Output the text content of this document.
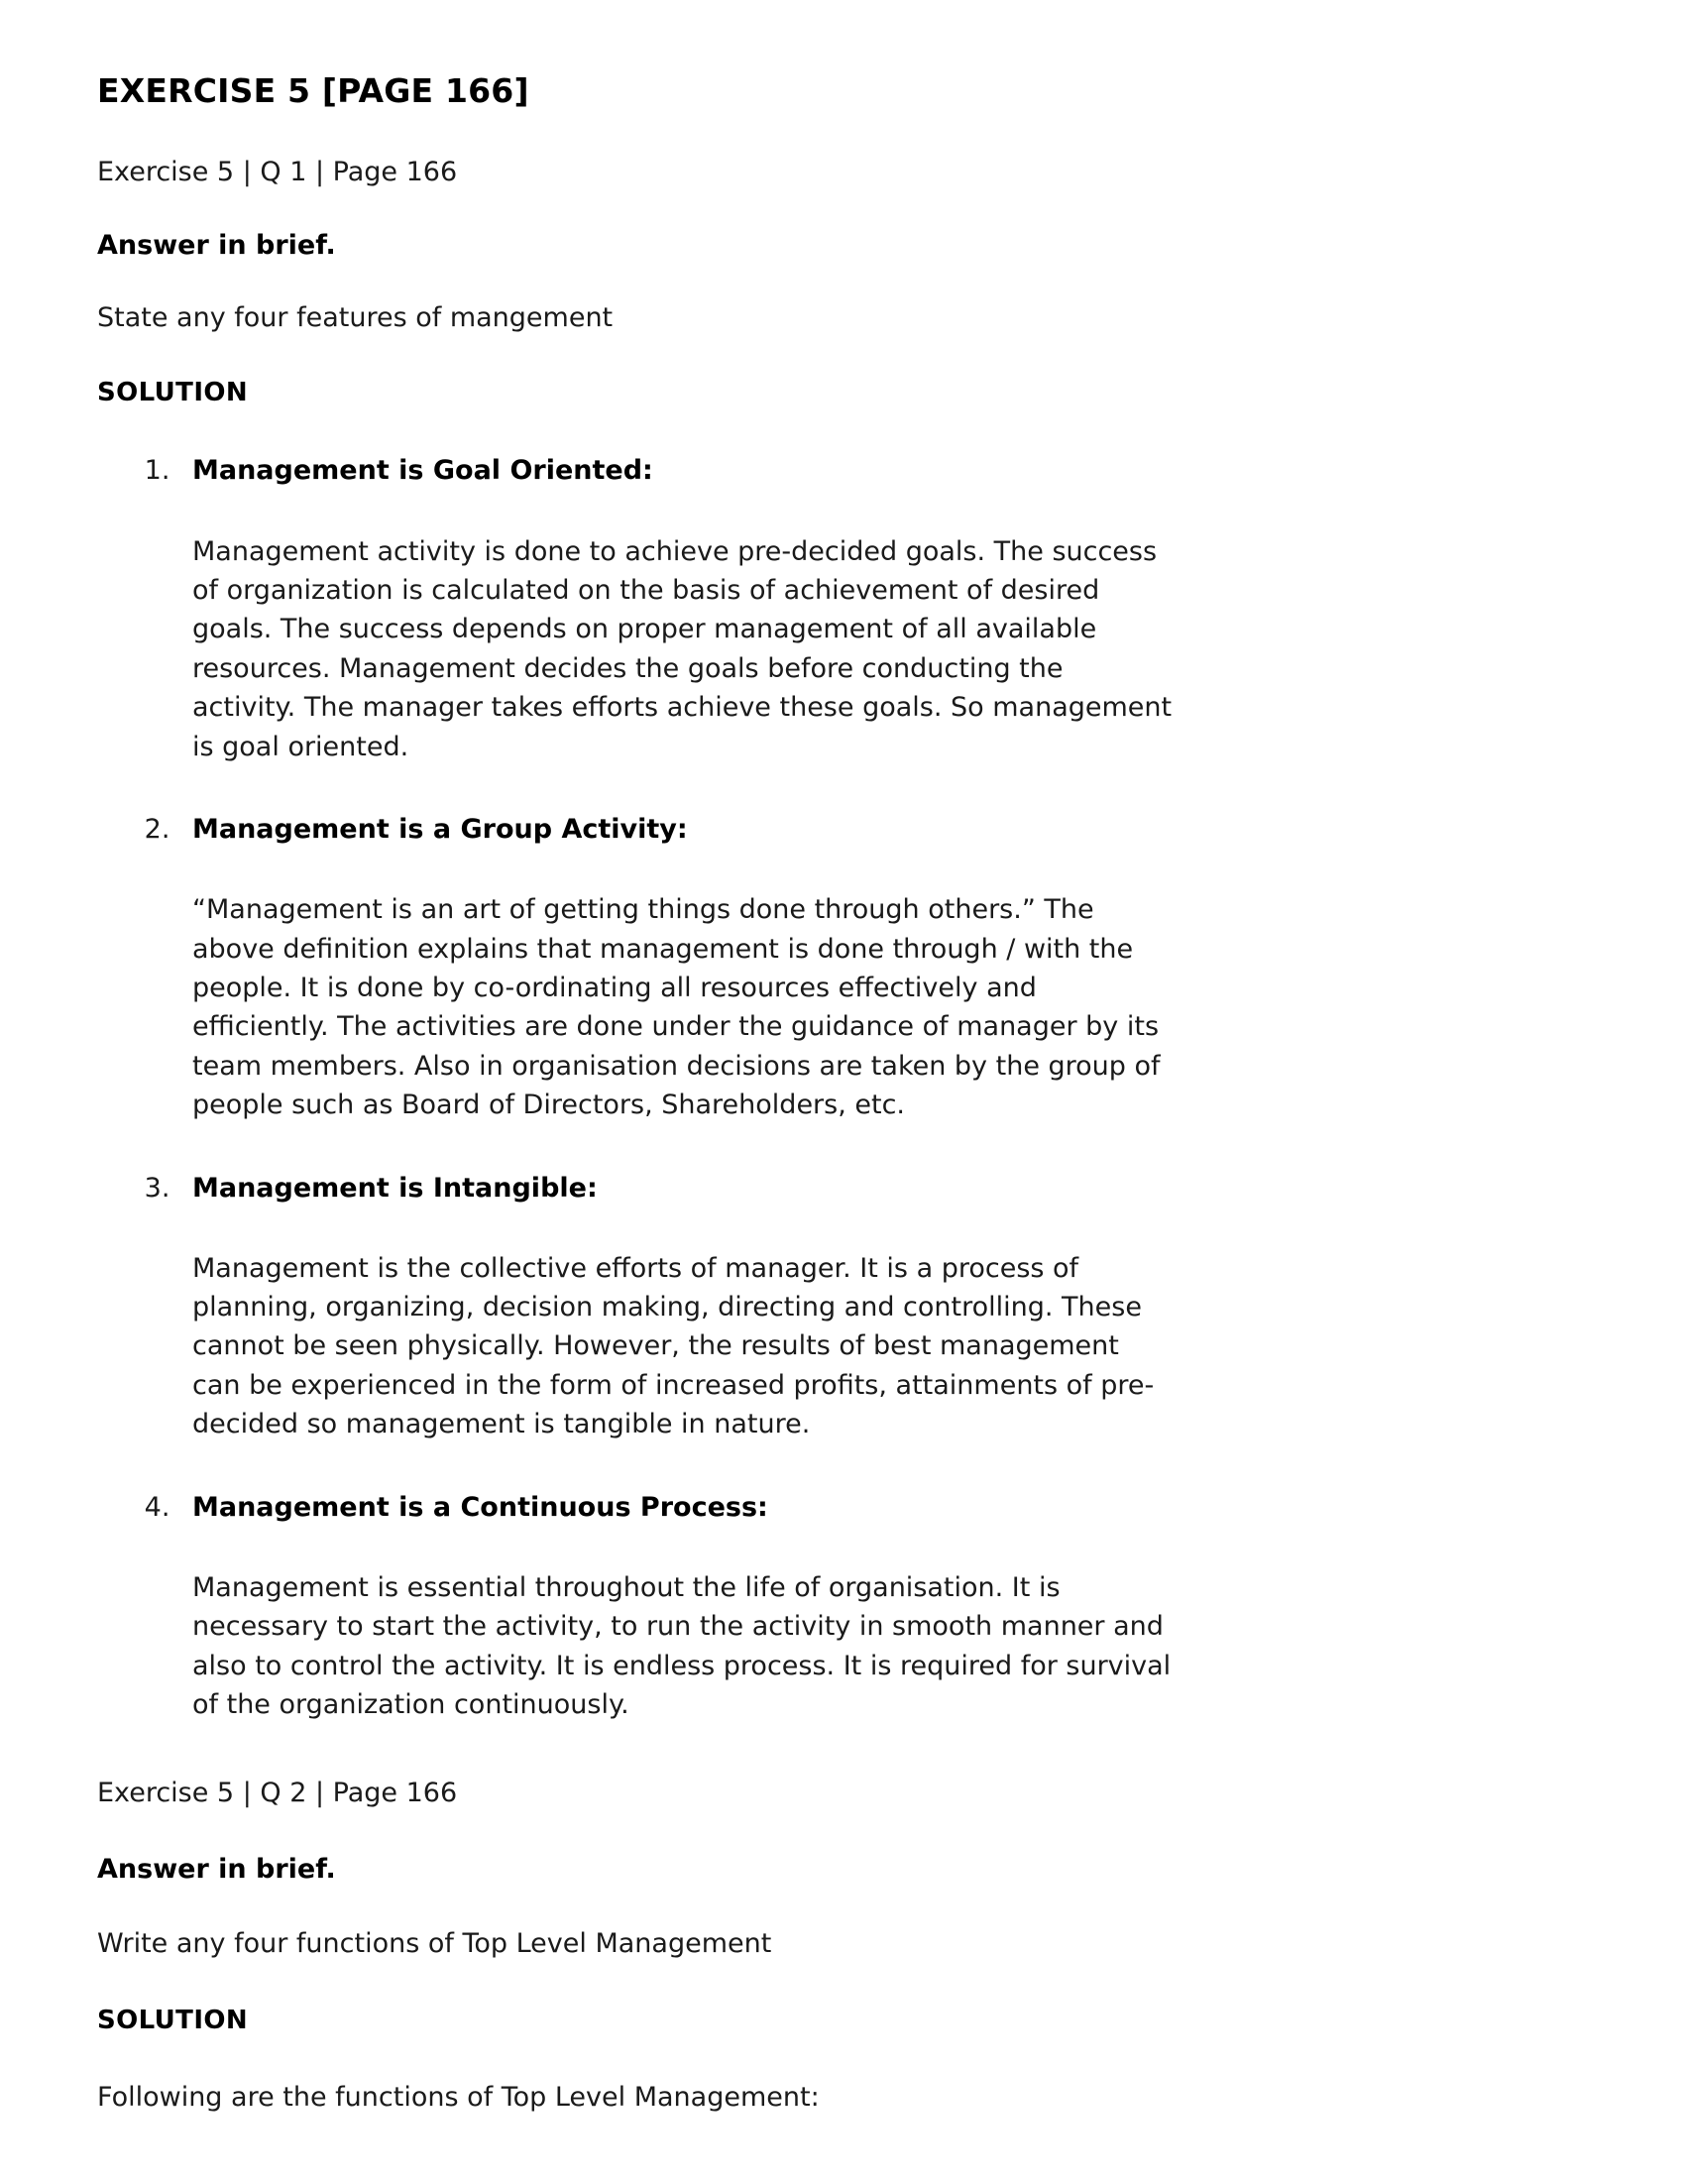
EXERCISE 5 [PAGE 166]
Exercise 5 | Q 1 | Page 166
Answer in brief.
State any four features of mangement
SOLUTION
1. Management is Goal Oriented:

Management activity is done to achieve pre-decided goals. The success of organization is calculated on the basis of achievement of desired goals. The success depends on proper management of all available resources. Management decides the goals before conducting the activity. The manager takes efforts achieve these goals. So management is goal oriented.

2. Management is a Group Activity:

“Management is an art of getting things done through others.” The above definition explains that management is done through / with the people. It is done by co-ordinating all resources effectively and efficiently. The activities are done under the guidance of manager by its team members. Also in organisation decisions are taken by the group of people such as Board of Directors, Shareholders, etc.

3. Management is Intangible:

Management is the collective efforts of manager. It is a process of planning, organizing, decision making, directing and controlling. These cannot be seen physically. However, the results of best management can be experienced in the form of increased profits, attainments of pre-decided so management is tangible in nature.

4. Management is a Continuous Process:

Management is essential throughout the life of organisation. It is necessary to start the activity, to run the activity in smooth manner and also to control the activity. It is endless process. It is required for survival of the organization continuously.

Exercise 5 | Q 2 | Page 166
Answer in brief.
Write any four functions of Top Level Management
SOLUTION

Following are the functions of Top Level Management:
